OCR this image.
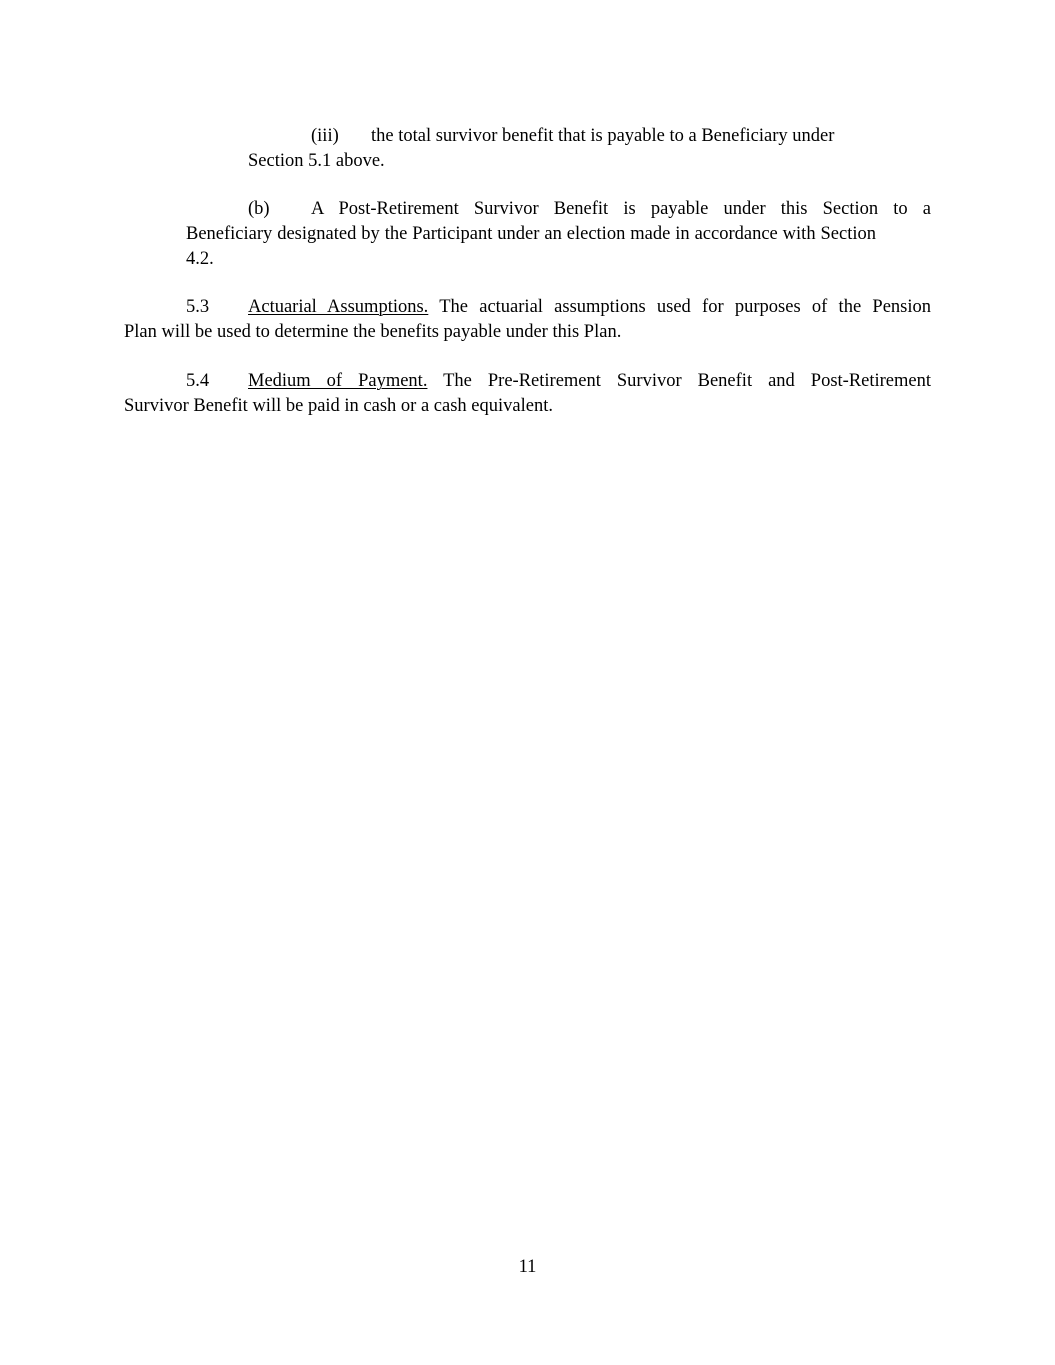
(iii) the total survivor benefit that is payable to a Beneficiary under
Section 5.1 above.
(b) A Post-Retirement Survivor Benefit is payable under this Section to a
Beneficiary designated by the Participant under an election made in accordance with Section 4.2.
5.3 Actuarial Assumptions. The actuarial assumptions used for purposes of the Pension
Plan will be used to determine the benefits payable under this Plan.
5.4 Medium of Payment. The Pre-Retirement Survivor Benefit and Post-Retirement
Survivor Benefit will be paid in cash or a cash equivalent.
11
